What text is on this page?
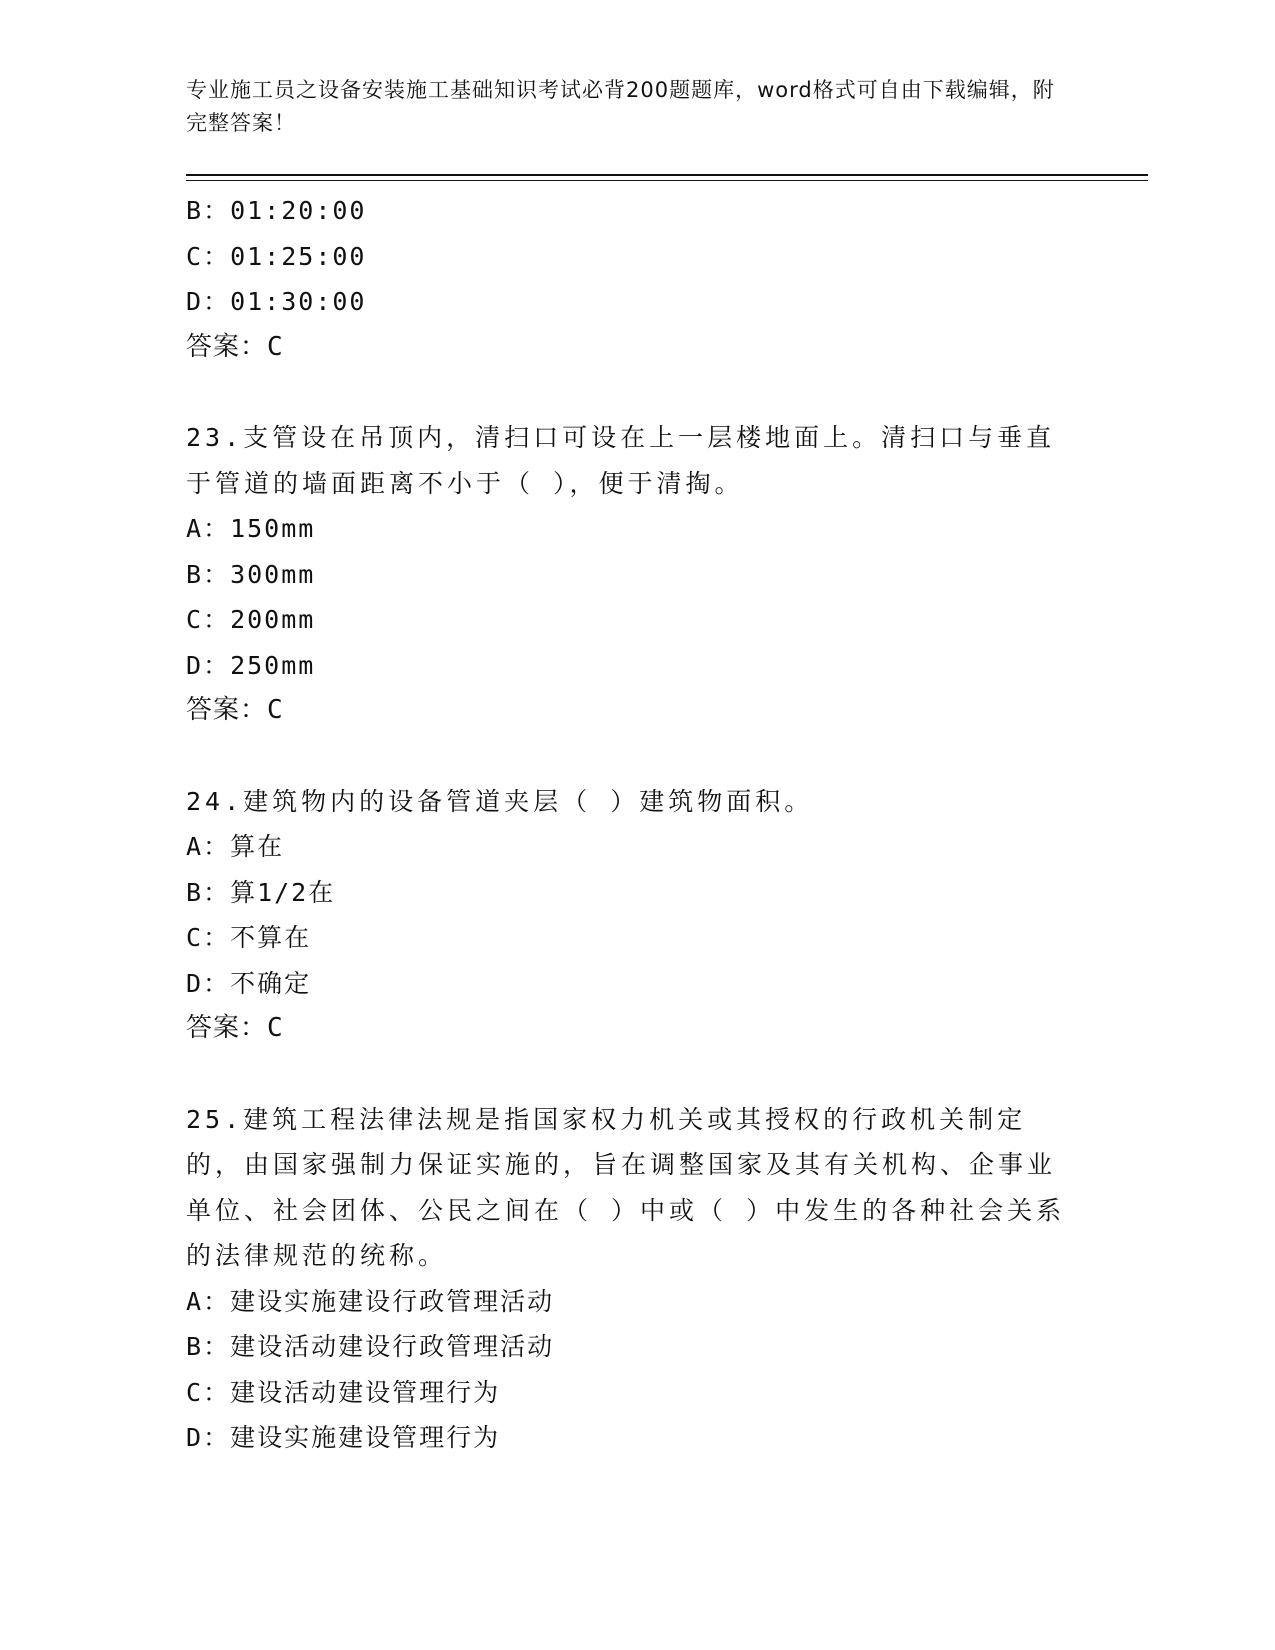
专业施工员之设备安装施工基础知识考试必背200题题库，word格式可自由下载编辑，附完整答案！
B：01:20:00
C：01:25:00
D：01:30:00
答案：C
23.支管设在吊顶内，清扫口可设在上一层楼地面上。清扫口与垂直于管道的墙面距离不小于（ ），便于清掏。
A：150mm
B：300mm
C：200mm
D：250mm
答案：C
24.建筑物内的设备管道夹层（ ）建筑物面积。
A：算在
B：算1/2在
C：不算在
D：不确定
答案：C
25.建筑工程法律法规是指国家权力机关或其授权的行政机关制定的，由国家强制力保证实施的，旨在调整国家及其有关机构、企事业单位、社会团体、公民之间在（ ）中或（ ）中发生的各种社会关系的法律规范的统称。
A：建设实施建设行政管理活动
B：建设活动建设行政管理活动
C：建设活动建设管理行为
D：建设实施建设管理行为
